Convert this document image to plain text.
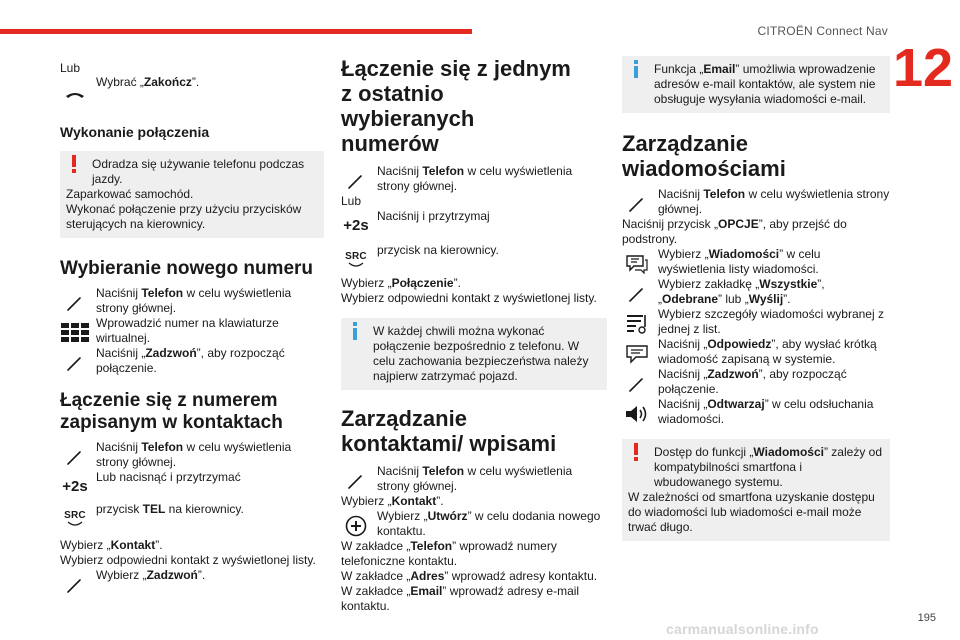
CITROËN Connect Nav
12
Lub
Wybrać „Zakończ”.
Wykonanie połączenia
Odradza się używanie telefonu podczas jazdy.
Zaparkować samochód.
Wykonać połączenie przy użyciu przycisków sterujących na kierownicy.
Wybieranie nowego numeru
Naciśnij Telefon w celu wyświetlenia strony głównej.
Wprowadzić numer na klawiaturze wirtualnej.
Naciśnij „Zadzwoń”, aby rozpocząć połączenie.
Łączenie się z numerem zapisanym w kontaktach
Naciśnij Telefon w celu wyświetlenia strony głównej.
+2s
Lub nacisnąć i przytrzymać
SRC przycisk TEL na kierownicy.
Wybierz „Kontakt”.
Wybierz odpowiedni kontakt z wyświetlonej listy.
Wybierz „Zadzwoń”.
Łączenie się z jednym z ostatnio wybieranych numerów
Naciśnij Telefon w celu wyświetlenia strony głównej.
Lub
+2s
Naciśnij i przytrzymaj
SRC przycisk na kierownicy.
Wybierz „Połączenie”.
Wybierz odpowiedni kontakt z wyświetlonej listy.
W każdej chwili można wykonać połączenie bezpośrednio z telefonu. W celu zachowania bezpieczeństwa należy najpierw zatrzymać pojazd.
Zarządzanie kontaktami/ wpisami
Naciśnij Telefon w celu wyświetlenia strony głównej.
Wybierz „Kontakt”.
Wybierz „Utwórz” w celu dodania nowego kontaktu.
W zakładce „Telefon” wprowadź numery telefoniczne kontaktu.
W zakładce „Adres” wprowadź adresy kontaktu.
W zakładce „Email” wprowadź adresy e-mail kontaktu.
Funkcja „Email” umożliwia wprowadzenie adresów e-mail kontaktów, ale system nie obsługuje wysyłania wiadomości e-mail.
Zarządzanie wiadomościami
Naciśnij Telefon w celu wyświetlenia strony głównej.
Naciśnij przycisk „OPCJE”, aby przejść do podstrony.
Wybierz „Wiadomości” w celu wyświetlenia listy wiadomości.
Wybierz zakładkę „Wszystkie”, „Odebrane” lub „Wyślij”.
Wybierz szczegóły wiadomości wybranej z jednej z list.
Naciśnij „Odpowiedz”, aby wysłać krótką wiadomość zapisaną w systemie.
Naciśnij „Zadzwoń”, aby rozpocząć połączenie.
Naciśnij „Odtwarzaj” w celu odsłuchania wiadomości.
Dostęp do funkcji „Wiadomości” zależy od kompatybilności smartfona i wbudowanego systemu.
W zależności od smartfona uzyskanie dostępu do wiadomości lub wiadomości e-mail może trwać długo.
195
carmanualsonline.info
